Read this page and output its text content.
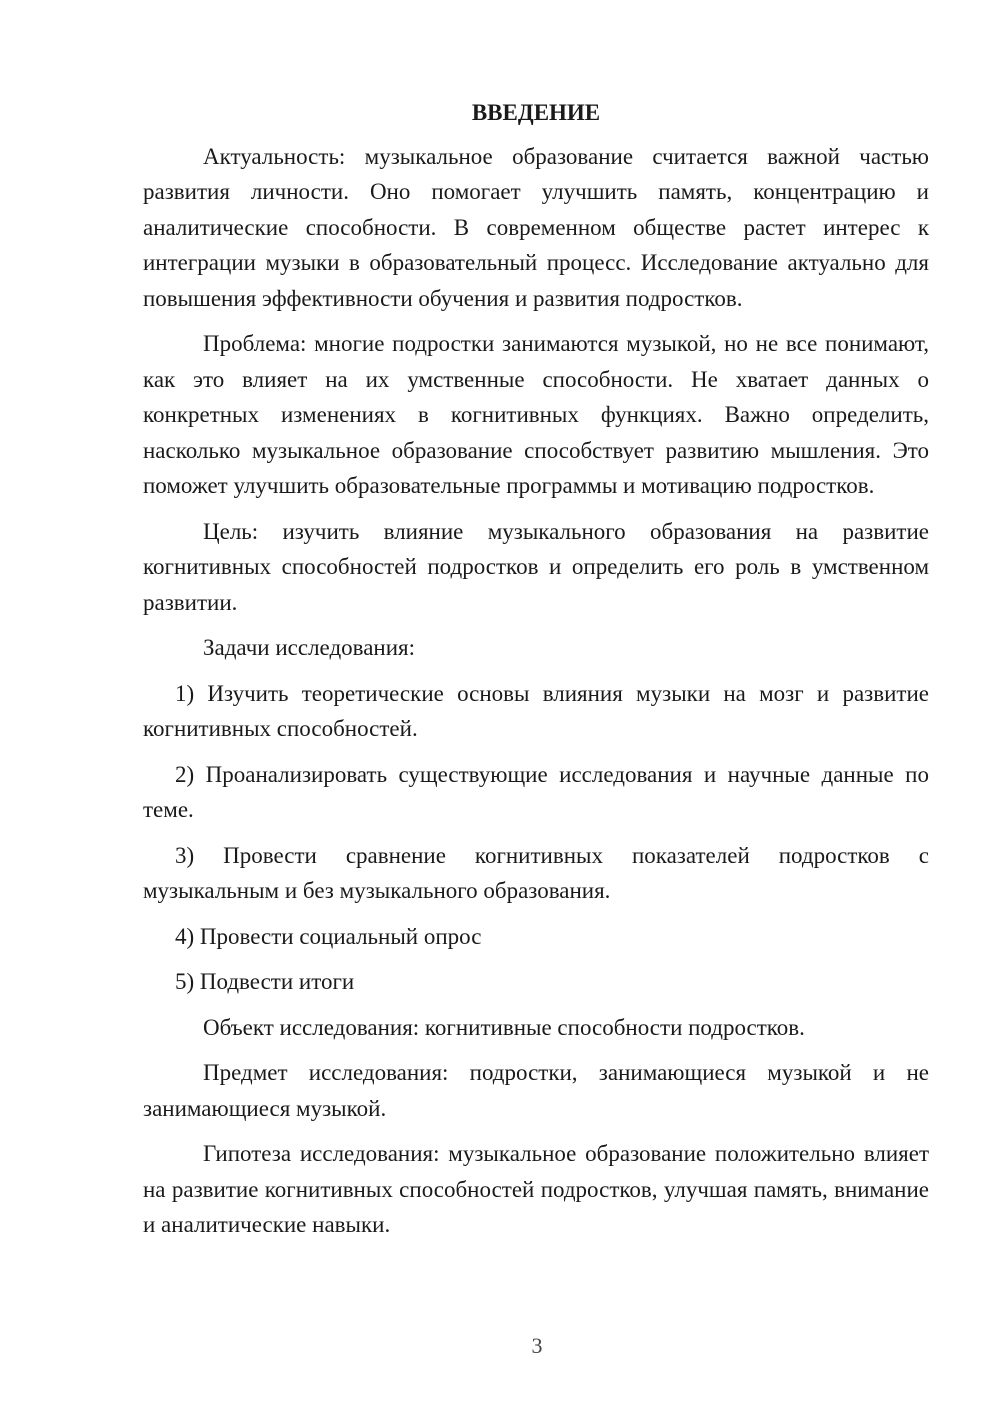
ВВЕДЕНИЕ

Актуальность: музыкальное образование считается важной частью развития личности. Оно помогает улучшить память, концентрацию и аналитические способности. В современном обществе растет интерес к интеграции музыки в образовательный процесс. Исследование актуально для повышения эффективности обучения и развития подростков.

Проблема: многие подростки занимаются музыкой, но не все понимают, как это влияет на их умственные способности. Не хватает данных о конкретных изменениях в когнитивных функциях. Важно определить, насколько музыкальное образование способствует развитию мышления. Это поможет улучшить образовательные программы и мотивацию подростков.

Цель: изучить влияние музыкального образования на развитие когнитивных способностей подростков и определить его роль в умственном развитии.

Задачи исследования:

1) Изучить теоретические основы влияния музыки на мозг и развитие когнитивных способностей.

2) Проанализировать существующие исследования и научные данные по теме.

3) Провести сравнение когнитивных показателей подростков с музыкальным и без музыкального образования.

4) Провести социальный опрос

5) Подвести итоги

Объект исследования: когнитивные способности подростков.

Предмет исследования: подростки, занимающиеся музыкой и не занимающиеся музыкой.

Гипотеза исследования: музыкальное образование положительно влияет на развитие когнитивных способностей подростков, улучшая память, внимание и аналитические навыки.

3
